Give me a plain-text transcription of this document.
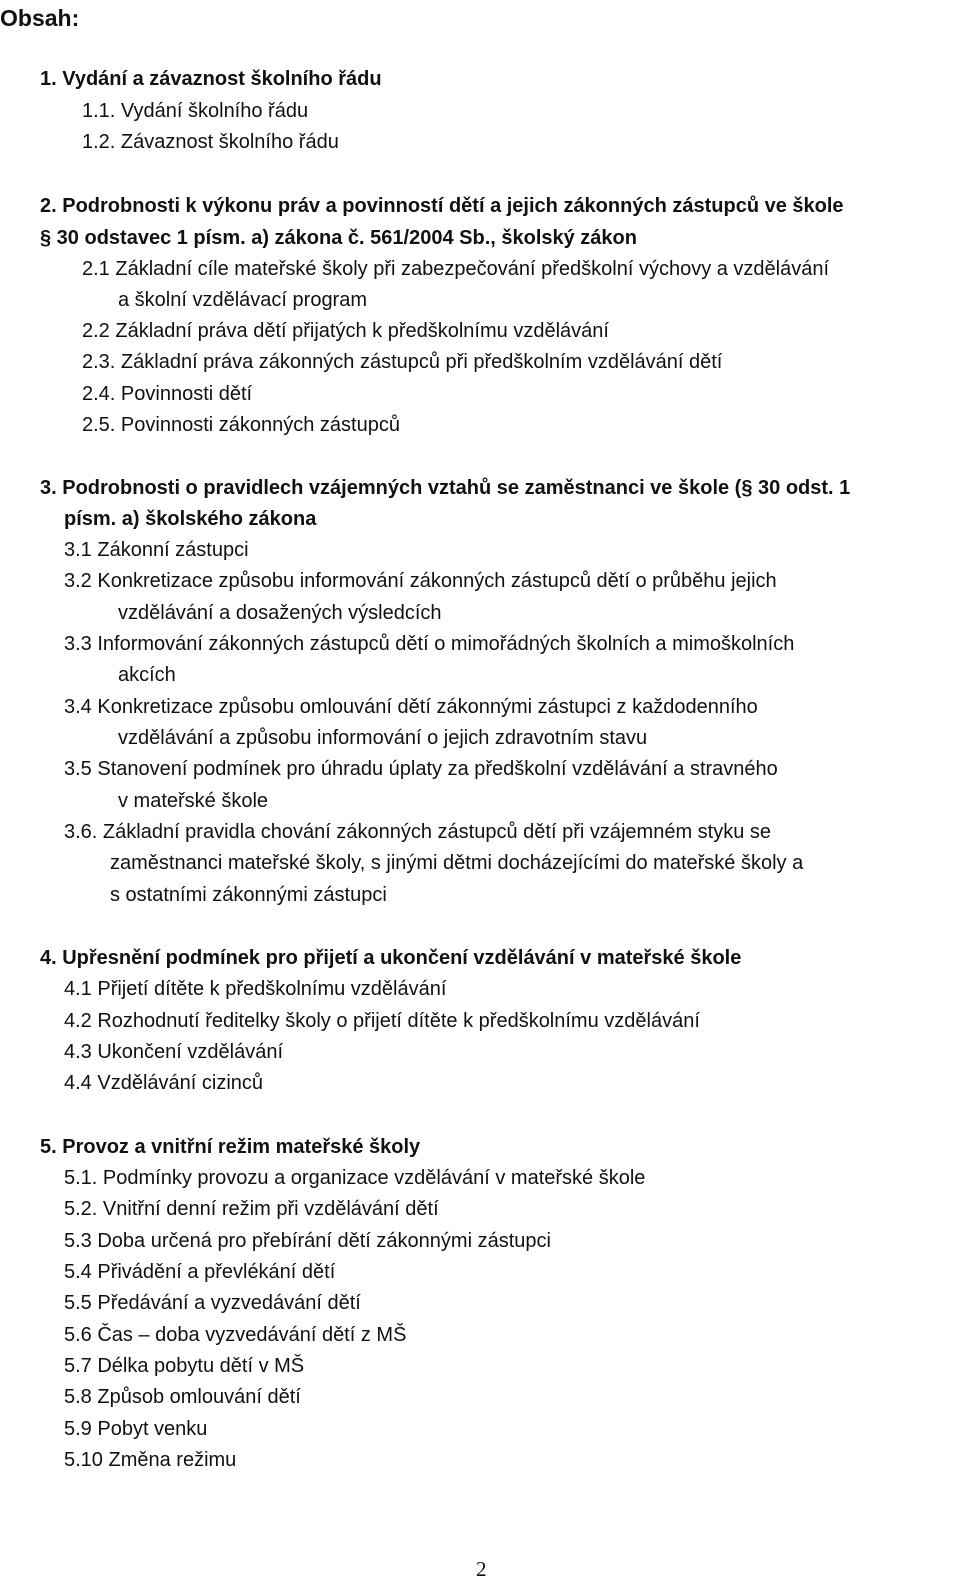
Obsah:
1. Vydání a závaznost školního řádu
1.1. Vydání školního řádu
1.2. Závaznost školního řádu
2. Podrobnosti k výkonu práv a povinností dětí a jejich zákonných zástupců ve škole
§ 30 odstavec 1 písm. a) zákona č. 561/2004 Sb., školský zákon
2.1 Základní cíle mateřské školy při zabezpečování předškolní výchovy a vzdělávání
a školní vzdělávací program
2.2 Základní práva dětí přijatých k předškolnímu vzdělávání
2.3. Základní práva zákonných zástupců při předškolním vzdělávání dětí
2.4. Povinnosti dětí
2.5. Povinnosti zákonných zástupců
3. Podrobnosti o pravidlech vzájemných vztahů se zaměstnanci ve škole (§ 30 odst. 1
písm. a) školského zákona
3.1 Zákonní zástupci
3.2 Konkretizace způsobu informování zákonných zástupců dětí o průběhu jejich
vzdělávání a dosažených výsledcích
3.3 Informování zákonných zástupců dětí o mimořádných školních a mimoškolních
akcích
3.4 Konkretizace způsobu omlouvání dětí zákonnými zástupci z každodenního
vzdělávání a způsobu informování o jejich zdravotním stavu
3.5 Stanovení podmínek pro úhradu úplaty za předškolní vzdělávání a stravného
v mateřské škole
3.6. Základní pravidla chování zákonných zástupců dětí při vzájemném styku se
zaměstnanci mateřské školy, s jinými dětmi docházejícími do mateřské školy a
s ostatními zákonnými zástupci
4. Upřesnění podmínek pro přijetí a ukončení vzdělávání v mateřské škole
4.1 Přijetí dítěte k předškolnímu vzdělávání
4.2 Rozhodnutí ředitelky školy o přijetí dítěte k předškolnímu vzdělávání
4.3 Ukončení vzdělávání
4.4 Vzdělávání cizinců
5. Provoz a vnitřní režim mateřské školy
5.1. Podmínky provozu a organizace vzdělávání v mateřské škole
5.2. Vnitřní denní režim při vzdělávání dětí
5.3 Doba určená pro přebírání dětí zákonnými zástupci
5.4 Přivádění a převlékání dětí
5.5 Předávání a vyzvedávání dětí
5.6 Čas – doba vyzvedávání dětí z MŠ
5.7 Délka pobytu dětí v MŠ
5.8 Způsob omlouvání dětí
5.9 Pobyt venku
5.10 Změna režimu
2
